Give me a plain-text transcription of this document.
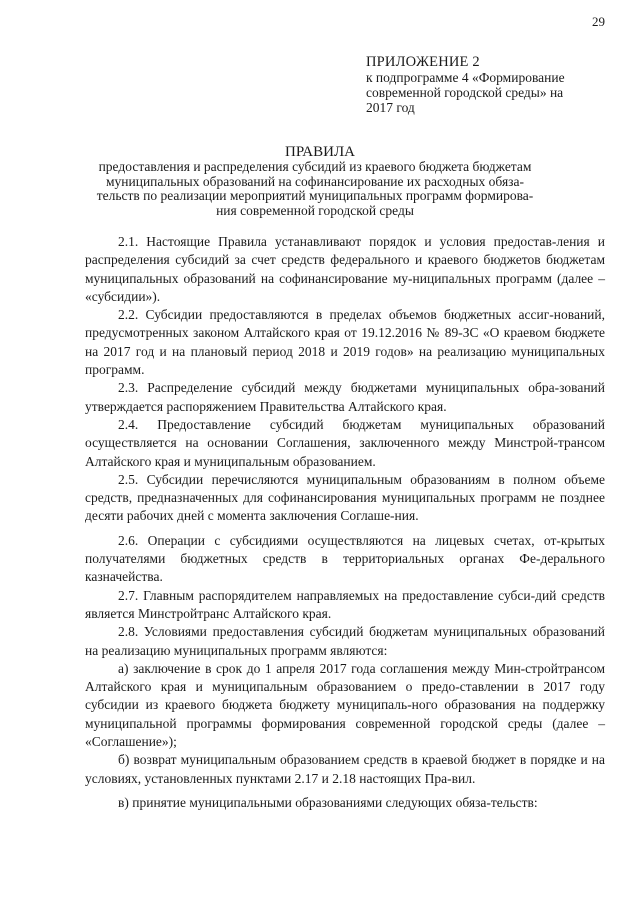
29
ПРИЛОЖЕНИЕ 2
к подпрограмме 4 «Формирование
современной городской среды» на
2017 год
ПРАВИЛА
предоставления и распределения субсидий из краевого бюджета бюджетам
муниципальных образований на софинансирование их расходных обяза-
тельств по реализации мероприятий муниципальных программ формирова-
ния современной городской среды

2.1. Настоящие Правила устанавливают порядок и условия предостав-ления и распределения субсидий за счет средств федерального и краевого бюджетов бюджетам муниципальных образований на софинансирование му-ниципальных программ (далее – «субсидии»).

2.2. Субсидии предоставляются в пределах объемов бюджетных ассиг-нований, предусмотренных законом Алтайского края от 19.12.2016 № 89-ЗС «О краевом бюджете на 2017 год и на плановый период 2018 и 2019 годов» на реализацию муниципальных программ.

2.3. Распределение субсидий между бюджетами муниципальных обра-зований утверждается распоряжением Правительства Алтайского края.

2.4. Предоставление субсидий бюджетам муниципальных образований осуществляется на основании Соглашения, заключенного между Минстрой-трансом Алтайского края и муниципальным образованием.

2.5. Субсидии перечисляются муниципальным образованиям в полном объеме средств, предназначенных для софинансирования муниципальных программ не позднее десяти рабочих дней с момента заключения Соглаше-ния.

2.6. Операции с субсидиями осуществляются на лицевых счетах, от-крытых получателями бюджетных средств в территориальных органах Фе-дерального казначейства.

2.7. Главным распорядителем направляемых на предоставление субси-дий средств является Минстройтранс Алтайского края.

2.8. Условиями предоставления субсидий бюджетам муниципальных образований на реализацию муниципальных программ являются:

а) заключение в срок до 1 апреля 2017 года соглашения между Мин-стройтрансом Алтайского края и муниципальным образованием о предо-ставлении в 2017 году субсидии из краевого бюджета бюджету муниципаль-ного образования на поддержку муниципальной программы формирования современной городской среды (далее – «Соглашение»);

б) возврат муниципальным образованием средств в краевой бюджет в порядке и на условиях, установленных пунктами 2.17 и 2.18 настоящих Пра-вил.

в) принятие муниципальными образованиями следующих обяза-тельств:
